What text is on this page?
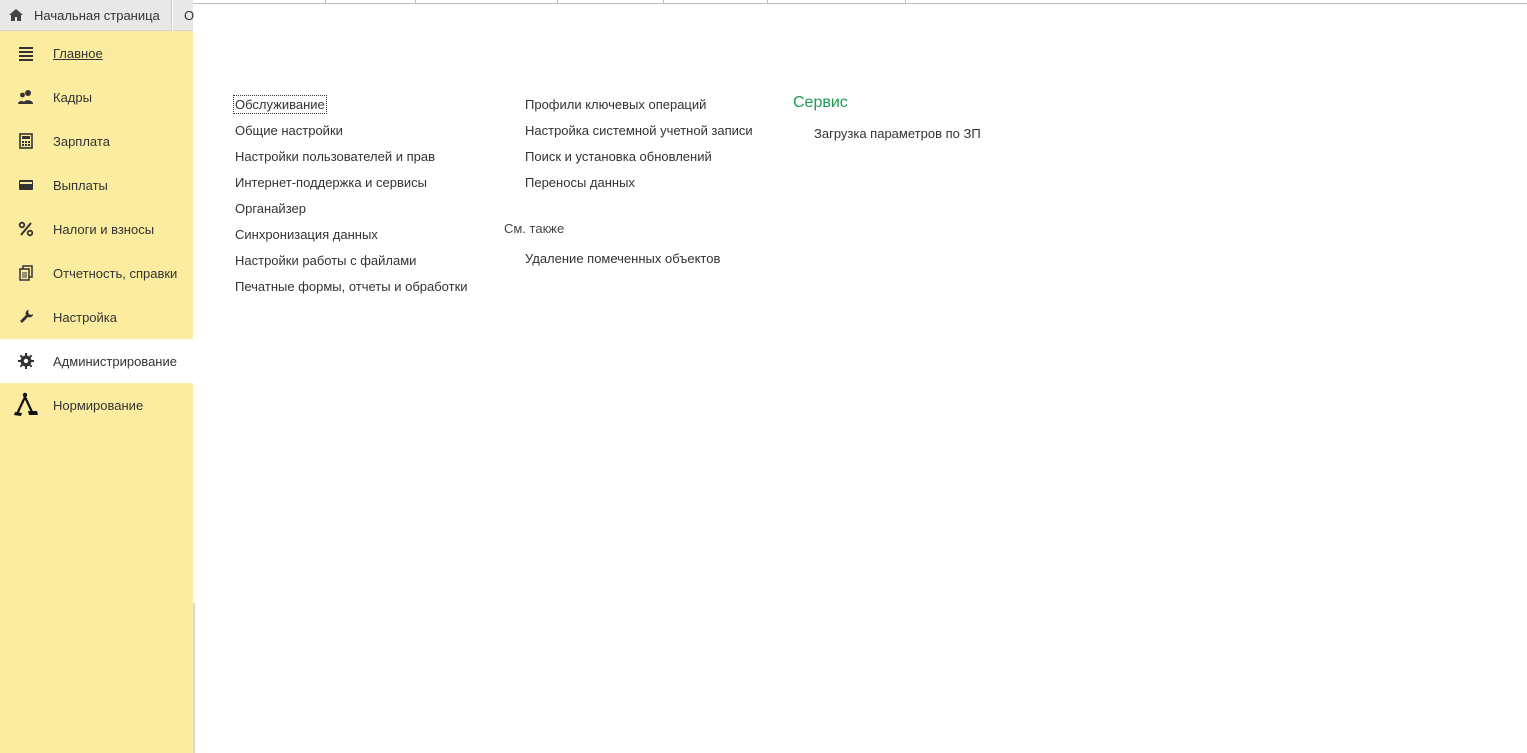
Начальная страница О
Главное
Кадры
Зарплата
Выплаты
Налоги и взносы
Отчетность, справки
Настройка
Администрирование
Нормирование
Обслуживание
Общие настройки
Настройки пользователей и прав
Интернет-поддержка и сервисы
Органайзер
Синхронизация данных
Настройки работы с файлами
Печатные формы, отчеты и обработки
Профили ключевых операций
Настройка системной учетной записи
Поиск и установка обновлений
Переносы данных
См. также
Удаление помеченных объектов
Сервис
Загрузка параметров по ЗП
